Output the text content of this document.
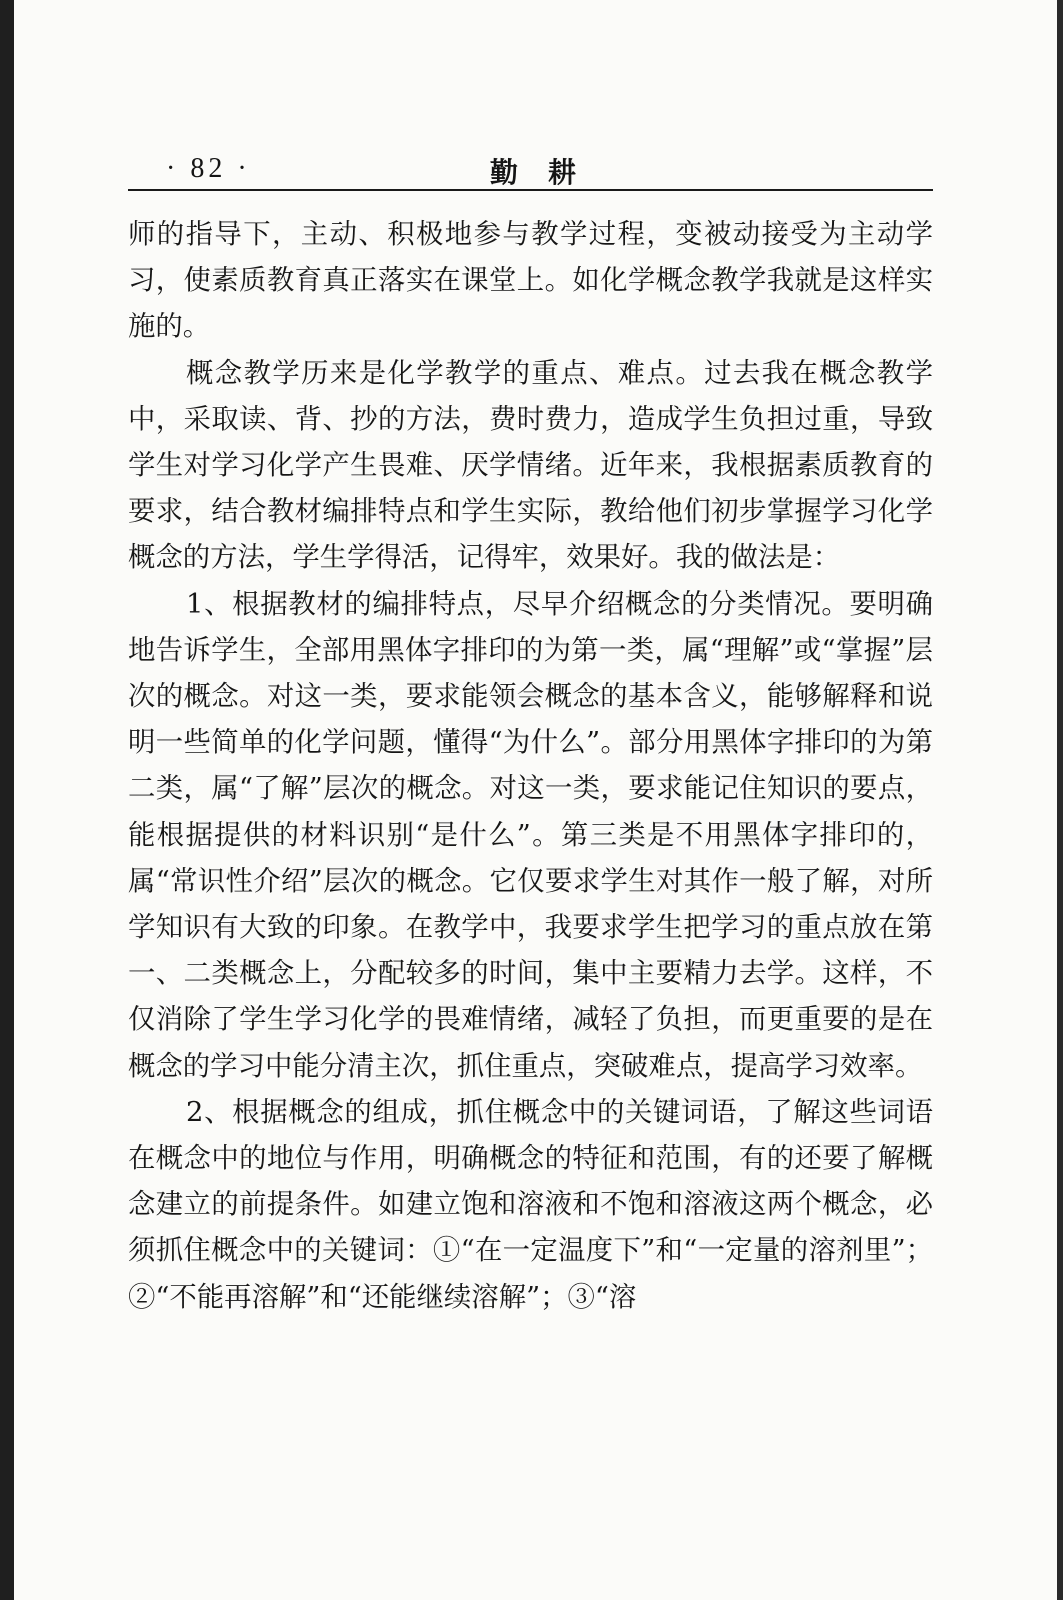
· 82 ·	勤耕

师的指导下，主动、积极地参与教学过程，变被动接受为主动学习，使素质教育真正落实在课堂上。如化学概念教学我就是这样实施的。

概念教学历来是化学教学的重点、难点。过去我在概念教学中，采取读、背、抄的方法，费时费力，造成学生负担过重，导致学生对学习化学产生畏难、厌学情绪。近年来，我根据素质教育的要求，结合教材编排特点和学生实际，教给他们初步掌握学习化学概念的方法，学生学得活，记得牢，效果好。我的做法是：

1、根据教材的编排特点，尽早介绍概念的分类情况。要明确地告诉学生，全部用黑体字排印的为第一类，属“理解”或“掌握”层次的概念。对这一类，要求能领会概念的基本含义，能够解释和说明一些简单的化学问题，懂得“为什么”。部分用黑体字排印的为第二类，属“了解”层次的概念。对这一类，要求能记住知识的要点，能根据提供的材料识别“是什么”。第三类是不用黑体字排印的，属“常识性介绍”层次的概念。它仅要求学生对其作一般了解，对所学知识有大致的印象。在教学中，我要求学生把学习的重点放在第一、二类概念上，分配较多的时间，集中主要精力去学。这样，不仅消除了学生学习化学的畏难情绪，减轻了负担，而更重要的是在概念的学习中能分清主次，抓住重点，突破难点，提高学习效率。

2、根据概念的组成，抓住概念中的关键词语，了解这些词语在概念中的地位与作用，明确概念的特征和范围，有的还要了解概念建立的前提条件。如建立饱和溶液和不饱和溶液这两个概念，必须抓住概念中的关键词：①“在一定温度下”和“一定量的溶剂里”；②“不能再溶解”和“还能继续溶解”；③“溶
